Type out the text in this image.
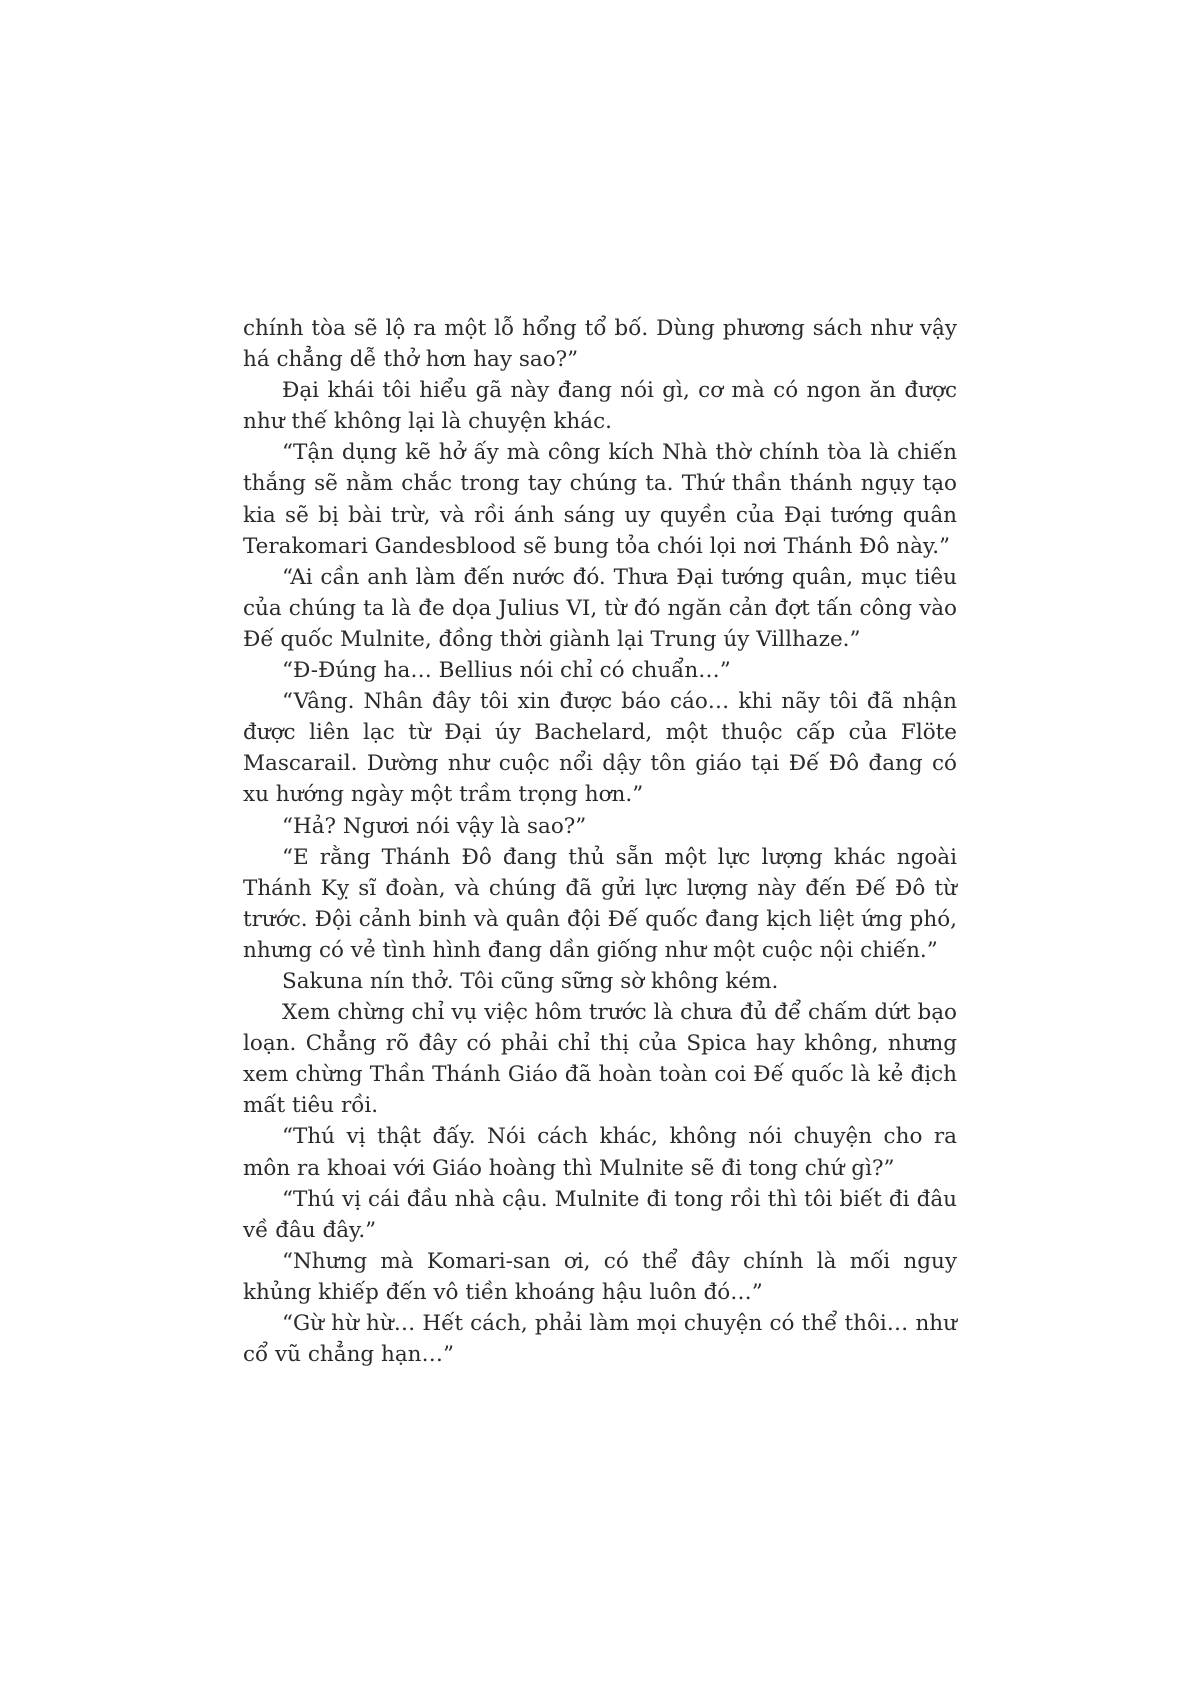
chính tòa sẽ lộ ra một lỗ hổng tổ bố. Dùng phương sách như vậy há chẳng dễ thở hơn hay sao?”

Đại khái tôi hiểu gã này đang nói gì, cơ mà có ngon ăn được như thế không lại là chuyện khác.

“Tận dụng kẽ hở ấy mà công kích Nhà thờ chính tòa là chiến thắng sẽ nằm chắc trong tay chúng ta. Thứ thần thánh ngụy tạo kia sẽ bị bài trừ, và rồi ánh sáng uy quyền của Đại tướng quân Terakomari Gandesblood sẽ bung tỏa chói lọi nơi Thánh Đô này.”

“Ai cần anh làm đến nước đó. Thưa Đại tướng quân, mục tiêu của chúng ta là đe dọa Julius VI, từ đó ngăn cản đợt tấn công vào Đế quốc Mulnite, đồng thời giành lại Trung úy Villhaze.”

“Đ-Đúng ha… Bellius nói chỉ có chuẩn…”

“Vâng. Nhân đây tôi xin được báo cáo… khi nãy tôi đã nhận được liên lạc từ Đại úy Bachelard, một thuộc cấp của Flöte Mascarail. Dường như cuộc nổi dậy tôn giáo tại Đế Đô đang có xu hướng ngày một trầm trọng hơn.”

“Hả? Ngươi nói vậy là sao?”

“E rằng Thánh Đô đang thủ sẵn một lực lượng khác ngoài Thánh Kỵ sĩ đoàn, và chúng đã gửi lực lượng này đến Đế Đô từ trước. Đội cảnh binh và quân đội Đế quốc đang kịch liệt ứng phó, nhưng có vẻ tình hình đang dần giống như một cuộc nội chiến.”

Sakuna nín thở. Tôi cũng sững sờ không kém.

Xem chừng chỉ vụ việc hôm trước là chưa đủ để chấm dứt bạo loạn. Chẳng rõ đây có phải chỉ thị của Spica hay không, nhưng xem chừng Thần Thánh Giáo đã hoàn toàn coi Đế quốc là kẻ địch mất tiêu rồi.

“Thú vị thật đấy. Nói cách khác, không nói chuyện cho ra môn ra khoai với Giáo hoàng thì Mulnite sẽ đi tong chứ gì?”

“Thú vị cái đầu nhà cậu. Mulnite đi tong rồi thì tôi biết đi đâu về đâu đây.”

“Nhưng mà Komari-san ơi, có thể đây chính là mối nguy khủng khiếp đến vô tiền khoáng hậu luôn đó…”

“Gừ hừ hừ… Hết cách, phải làm mọi chuyện có thể thôi… như cổ vũ chẳng hạn…”
